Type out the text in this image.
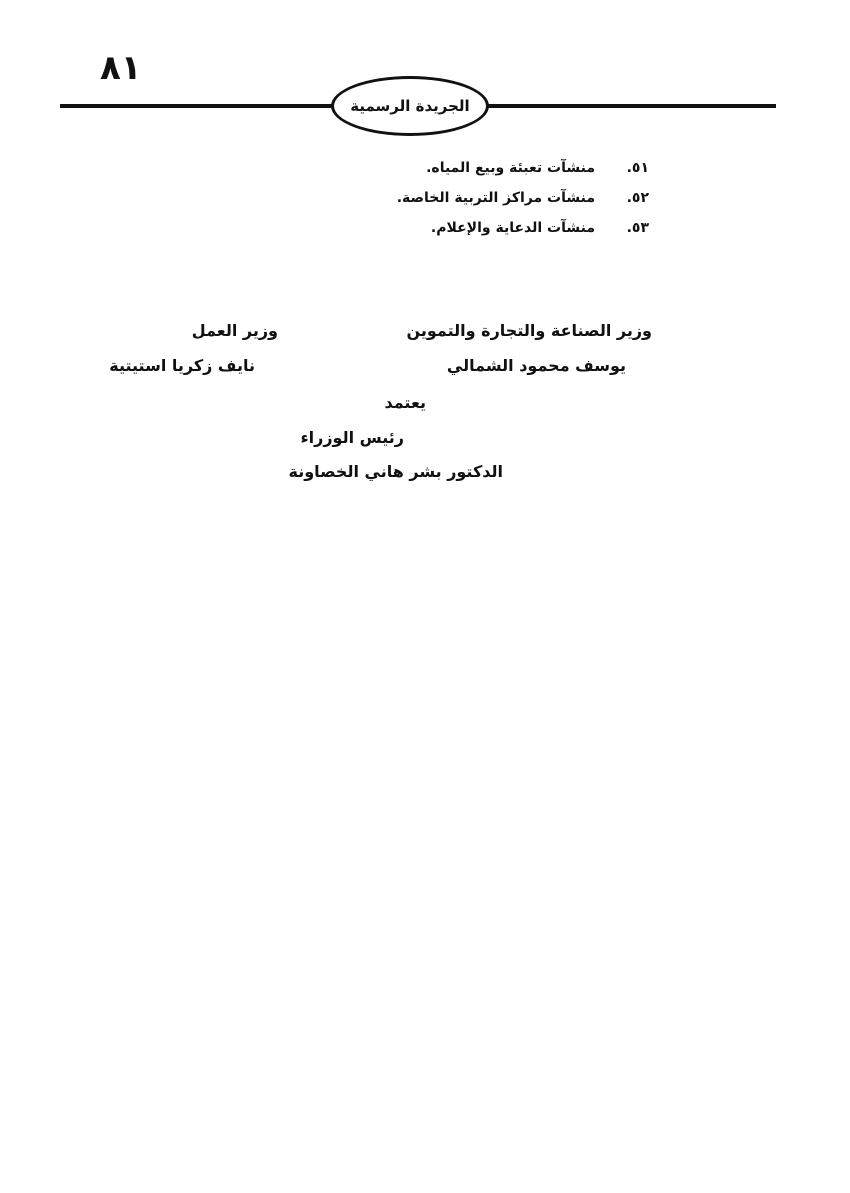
٨١
الجريدة الرسمية
٥١.
منشآت تعبئة وبيع المياه.
٥٢.
منشآت مراكز التربية الخاصة.
٥٣.
منشآت الدعاية والإعلام.
وزير الصناعة والتجارة والتموين
وزير العمل
يوسف محمود الشمالي
نايف زكريا استيتية
يعتمد
رئيس الوزراء
الدكتور بشر هاني الخصاونة
